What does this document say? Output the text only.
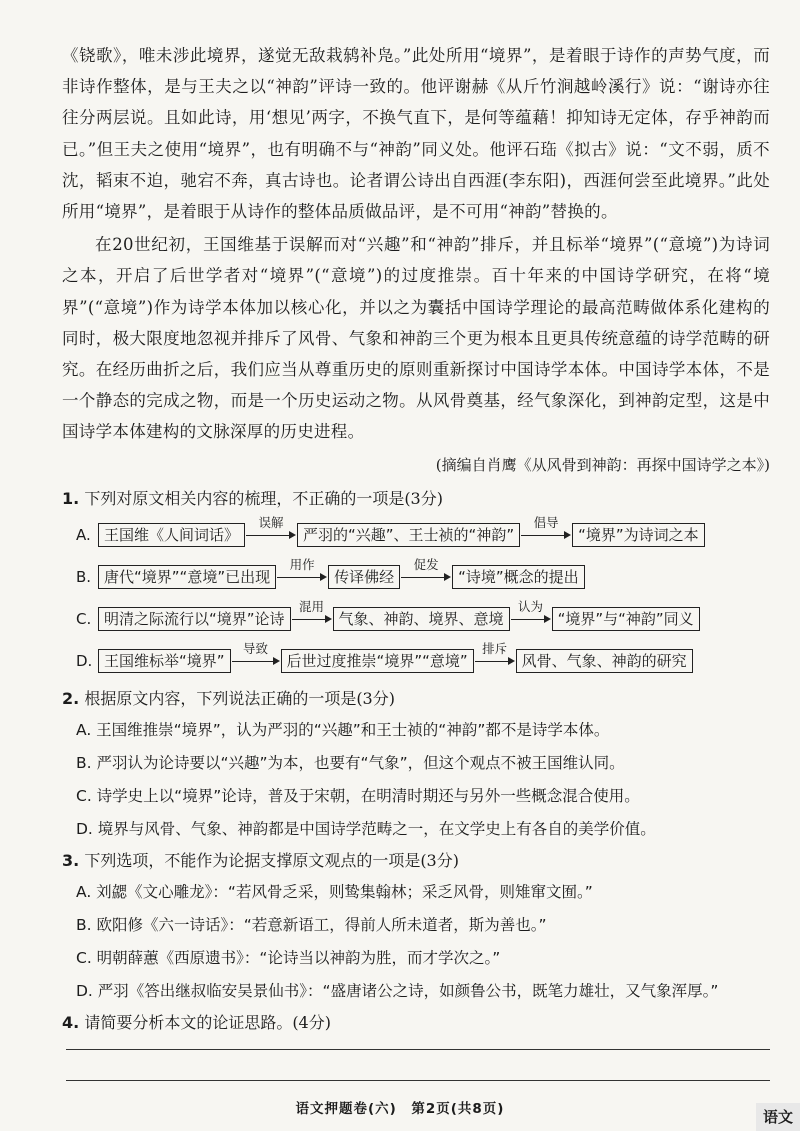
《铙歌》，唯未涉此境界，遂觉无敌栽鸫补凫。”此处所用“境界”，是着眼于诗作的声势气度，而非诗作整体，是与王夫之以“神韵”评诗一致的。他评谢赫《从斤竹涧越岭溪行》说：“谢诗亦往往分两层说。且如此诗，用‘想见’两字，不换气直下，是何等蕴藉！抑知诗无定体，存乎神韵而已。”但王夫之使用“境界”，也有明确不与“神韵”同义处。他评石珤《拟古》说：“文不弱，质不沈，韬束不迫，驰宕不奔，真古诗也。论者谓公诗出自西涯(李东阳)，西涯何尝至此境界。”此处所用“境界”，是着眼于从诗作的整体品质做品评，是不可用“神韵”替换的。

在20世纪初，王国维基于误解而对“兴趣”和“神韵”排斥，并且标举“境界”(“意境”)为诗词之本，开启了后世学者对“境界”(“意境”)的过度推崇。百十年来的中国诗学研究，在将“境界”(“意境”)作为诗学本体加以核心化，并以之为囊括中国诗学理论的最高范畴做体系化建构的同时，极大限度地忽视并排斥了风骨、气象和神韵三个更为根本且更具传统意蕴的诗学范畴的研究。在经历曲折之后，我们应当从尊重历史的原则重新探讨中国诗学本体。中国诗学本体，不是一个静态的完成之物，而是一个历史运动之物。从风骨奠基，经气象深化，到神韵定型，这是中国诗学本体建构的文脉深厚的历史进程。

(摘编自肖鹰《从风骨到神韵：再探中国诗学之本》)

1. 下列对原文相关内容的梳理，不正确的一项是(3分)

A. 王国维《人间词话》
误解
严羽的“兴趣”、王士祯的“神韵”
倡导
“境界”为诗词之本
B. 唐代“境界”“意境”已出现
用作
传译佛经
促发
“诗境”概念的提出
C. 明清之际流行以“境界”论诗
混用
气象、神韵、境界、意境
认为
“境界”与“神韵”同义
D. 王国维标举“境界”
导致
后世过度推崇“境界”“意境”
排斥
风骨、气象、神韵的研究

2. 根据原文内容，下列说法正确的一项是(3分)

A. 王国维推崇“境界”，认为严羽的“兴趣”和王士祯的“神韵”都不是诗学本体。

B. 严羽认为论诗要以“兴趣”为本，也要有“气象”，但这个观点不被王国维认同。

C. 诗学史上以“境界”论诗，普及于宋朝，在明清时期还与另外一些概念混合使用。

D. 境界与风骨、气象、神韵都是中国诗学范畴之一，在文学史上有各自的美学价值。

3. 下列选项，不能作为论据支撑原文观点的一项是(3分)

A. 刘勰《文心雕龙》：“若风骨乏采，则鸷集翰林；采乏风骨，则雉窜文囿。”

B. 欧阳修《六一诗话》：“若意新语工，得前人所未道者，斯为善也。”

C. 明朝薛蕙《西原遗书》：“论诗当以神韵为胜，而才学次之。”

D. 严羽《答出继叔临安吴景仙书》：“盛唐诸公之诗，如颜鲁公书，既笔力雄壮，又气象浑厚。”

4. 请简要分析本文的论证思路。(4分)

语文押题卷(六)　第2页(共8页)	语文
